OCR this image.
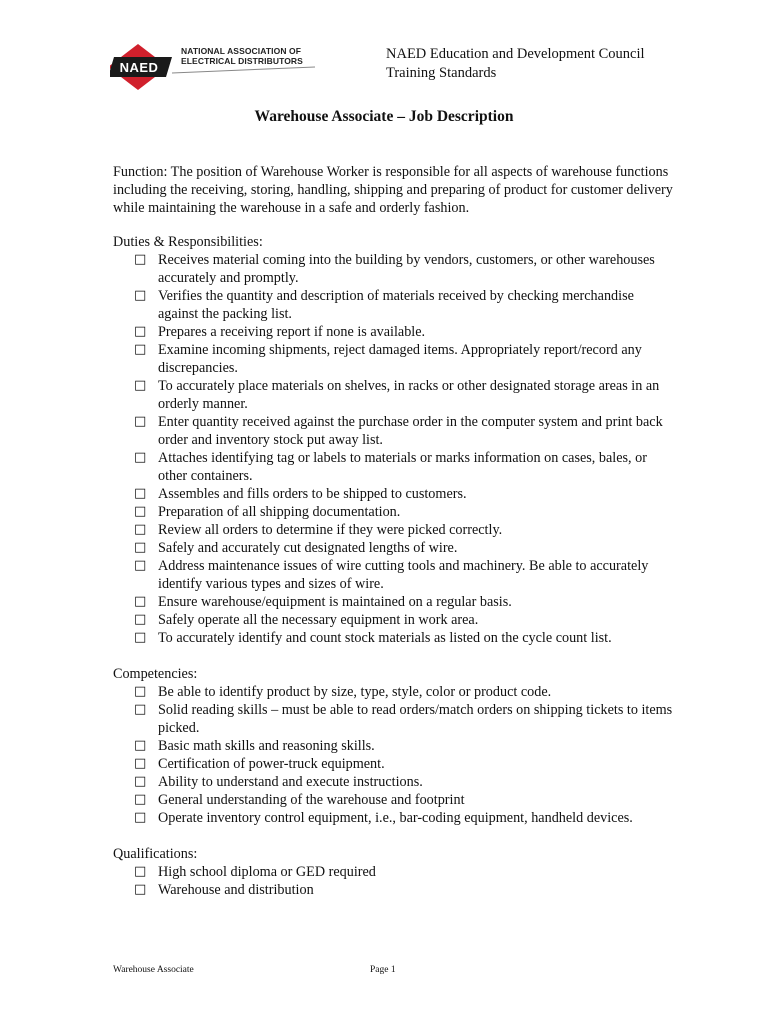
NAED
NATIONAL ASSOCIATION OF
ELECTRICAL DISTRIBUTORS	NAED Education and Development Council
Training Standards
Warehouse Associate – Job Description

Function: The position of Warehouse Worker is responsible for all aspects of warehouse functions including the receiving, storing, handling, shipping and preparing of product for customer delivery while maintaining the warehouse in a safe and orderly fashion.

Duties & Responsibilities:

□ Receives material coming into the building by vendors, customers, or other warehouses accurately and promptly.
□ Verifies the quantity and description of materials received by checking merchandise against the packing list.
□ Prepares a receiving report if none is available.
□ Examine incoming shipments, reject damaged items. Appropriately report/record any discrepancies.
□ To accurately place materials on shelves, in racks or other designated storage areas in an orderly manner.
□ Enter quantity received against the purchase order in the computer system and print back order and inventory stock put away list.
□ Attaches identifying tag or labels to materials or marks information on cases, bales, or other containers.
□ Assembles and fills orders to be shipped to customers.
□ Preparation of all shipping documentation.
□ Review all orders to determine if they were picked correctly.
□ Safely and accurately cut designated lengths of wire.
□ Address maintenance issues of wire cutting tools and machinery. Be able to accurately identify various types and sizes of wire.
□ Ensure warehouse/equipment is maintained on a regular basis.
□ Safely operate all the necessary equipment in work area.
□ To accurately identify and count stock materials as listed on the cycle count list.

Competencies:

□ Be able to identify product by size, type, style, color or product code.
□ Solid reading skills – must be able to read orders/match orders on shipping tickets to items picked.
□ Basic math skills and reasoning skills.
□ Certification of power-truck equipment.
□ Ability to understand and execute instructions.
□ General understanding of the warehouse and footprint
□ Operate inventory control equipment, i.e., bar-coding equipment, handheld devices.

Qualifications:

□ High school diploma or GED required
□ Warehouse and distribution
Warehouse Associate	Page 1
